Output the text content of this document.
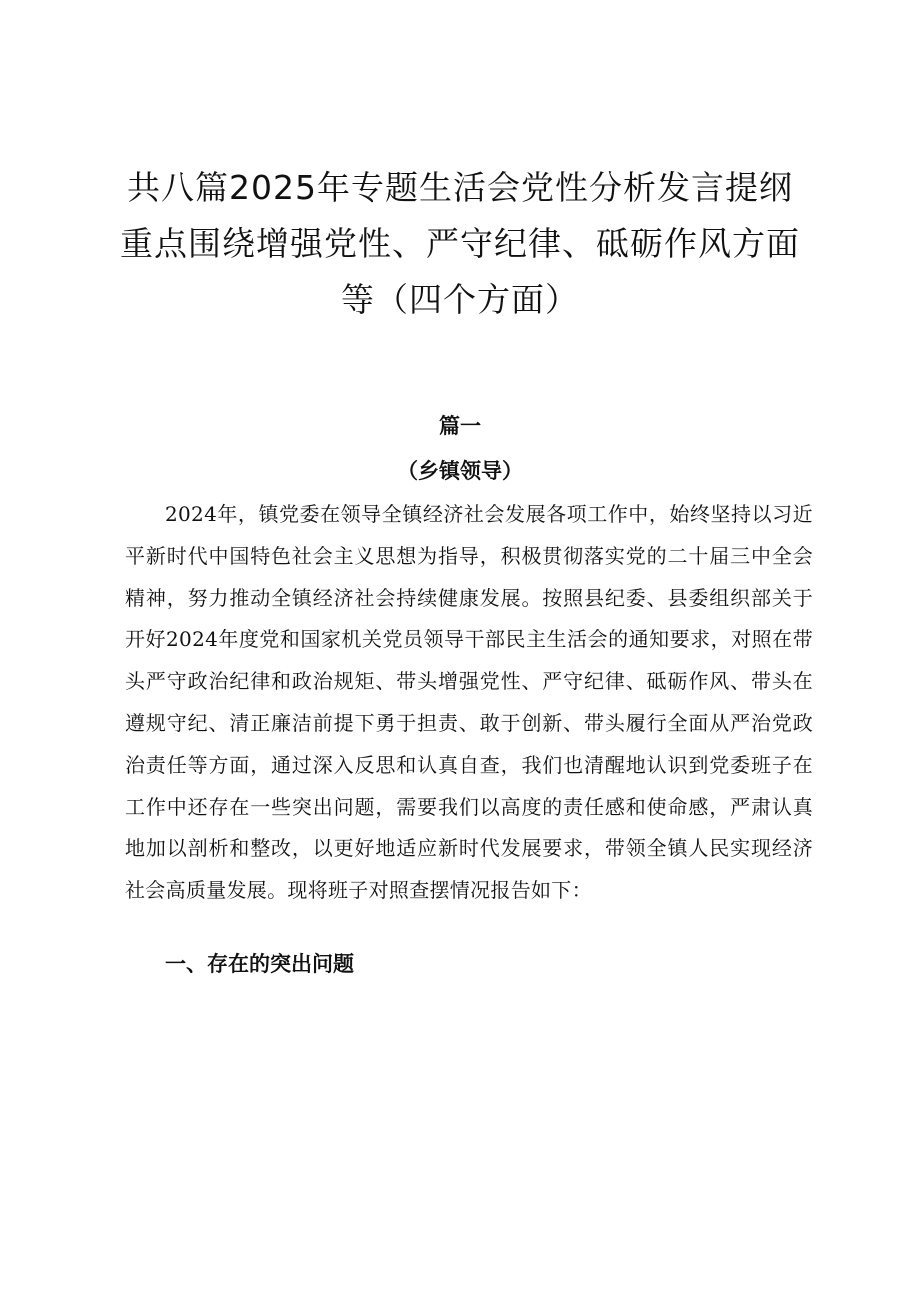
共八篇2025年专题生活会党性分析发言提纲
重点围绕增强党性、严守纪律、砥砺作风方面
等（四个方面）
篇一
（乡镇领导）

2024年，镇党委在领导全镇经济社会发展各项工作中，始终坚持以习近平新时代中国特色社会主义思想为指导，积极贯彻落实党的二十届三中全会精神，努力推动全镇经济社会持续健康发展。按照县纪委、县委组织部关于开好2024年度党和国家机关党员领导干部民主生活会的通知要求，对照在带头严守政治纪律和政治规矩、带头增强党性、严守纪律、砥砺作风、带头在遵规守纪、清正廉洁前提下勇于担责、敢于创新、带头履行全面从严治党政治责任等方面，通过深入反思和认真自查，我们也清醒地认识到党委班子在工作中还存在一些突出问题，需要我们以高度的责任感和使命感，严肃认真地加以剖析和整改，以更好地适应新时代发展要求，带领全镇人民实现经济社会高质量发展。现将班子对照查摆情况报告如下：

一、存在的突出问题
